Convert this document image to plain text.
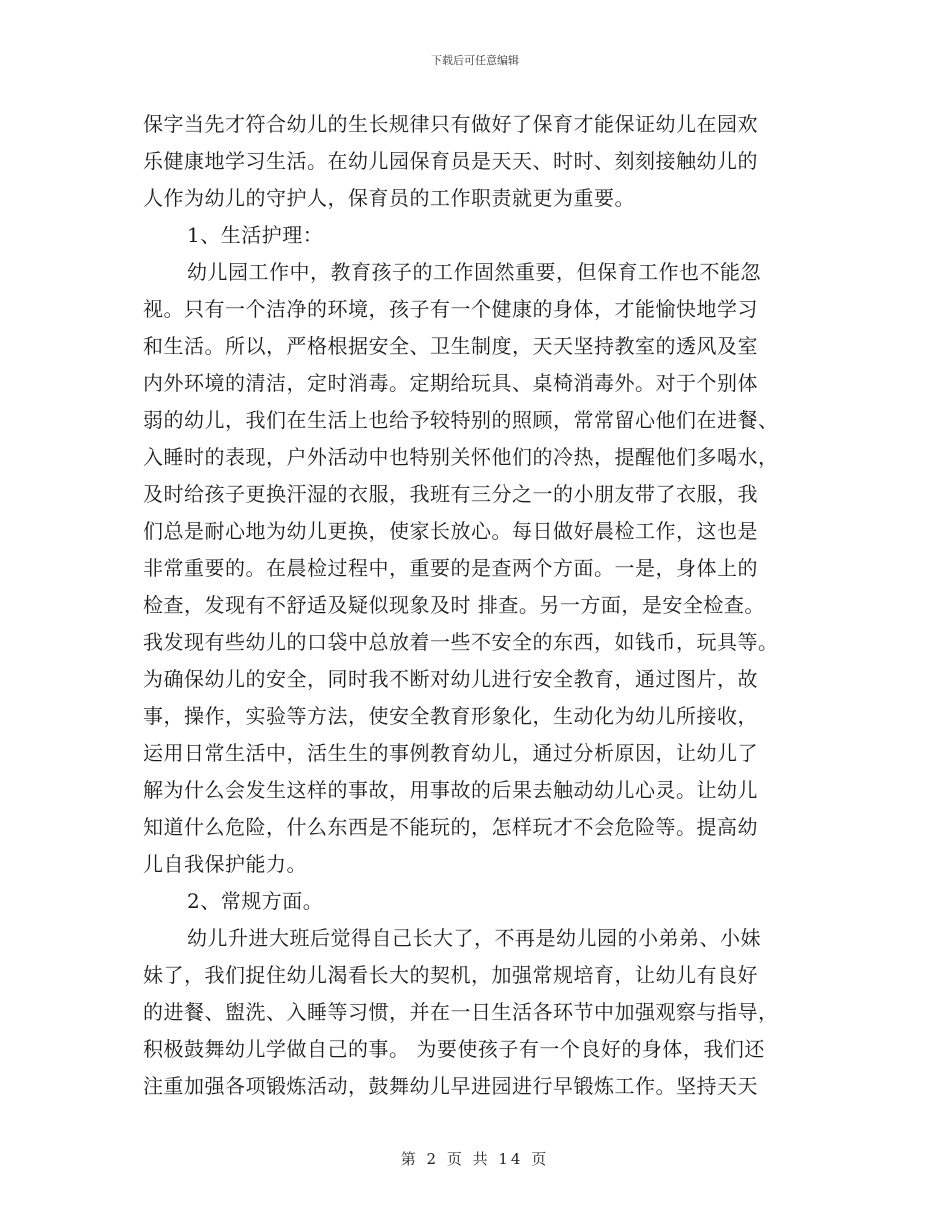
下载后可任意编辑
保字当先才符合幼儿的生长规律只有做好了保育才能保证幼儿在园欢
乐健康地学习生活。在幼儿园保育员是天天、时时、刻刻接触幼儿的
人作为幼儿的守护人，保育员的工作职责就更为重要。
1、生活护理：
幼儿园工作中，教育孩子的工作固然重要，但保育工作也不能忽
视。只有一个洁净的环境，孩子有一个健康的身体，才能愉快地学习
和生活。所以，严格根据安全、卫生制度，天天坚持教室的透风及室
内外环境的清洁，定时消毒。定期给玩具、桌椅消毒外。对于个别体
弱的幼儿，我们在生活上也给予较特别的照顾，常常留心他们在进餐、
入睡时的表现，户外活动中也特别关怀他们的冷热，提醒他们多喝水，
及时给孩子更换汗湿的衣服，我班有三分之一的小朋友带了衣服，我
们总是耐心地为幼儿更换，使家长放心。每日做好晨检工作，这也是
非常重要的。在晨检过程中，重要的是查两个方面。一是，身体上的
检查，发现有不舒适及疑似现象及时 排查。另一方面，是安全检查。
我发现有些幼儿的口袋中总放着一些不安全的东西，如钱币，玩具等。
为确保幼儿的安全，同时我不断对幼儿进行安全教育，通过图片，故
事，操作，实验等方法，使安全教育形象化，生动化为幼儿所接收，
运用日常生活中，活生生的事例教育幼儿，通过分析原因，让幼儿了
解为什么会发生这样的事故，用事故的后果去触动幼儿心灵。让幼儿
知道什么危险，什么东西是不能玩的，怎样玩才不会危险等。提高幼
儿自我保护能力。
2、常规方面。
幼儿升进大班后觉得自己长大了，不再是幼儿园的小弟弟、小妹
妹了，我们捉住幼儿渴看长大的契机，加强常规培育，让幼儿有良好
的进餐、盥洗、入睡等习惯，并在一日生活各环节中加强观察与指导，
积极鼓舞幼儿学做自己的事。 为要使孩子有一个良好的身体，我们还
注重加强各项锻炼活动，鼓舞幼儿早进园进行早锻炼工作。坚持天天
第 2 页 共 14 页
